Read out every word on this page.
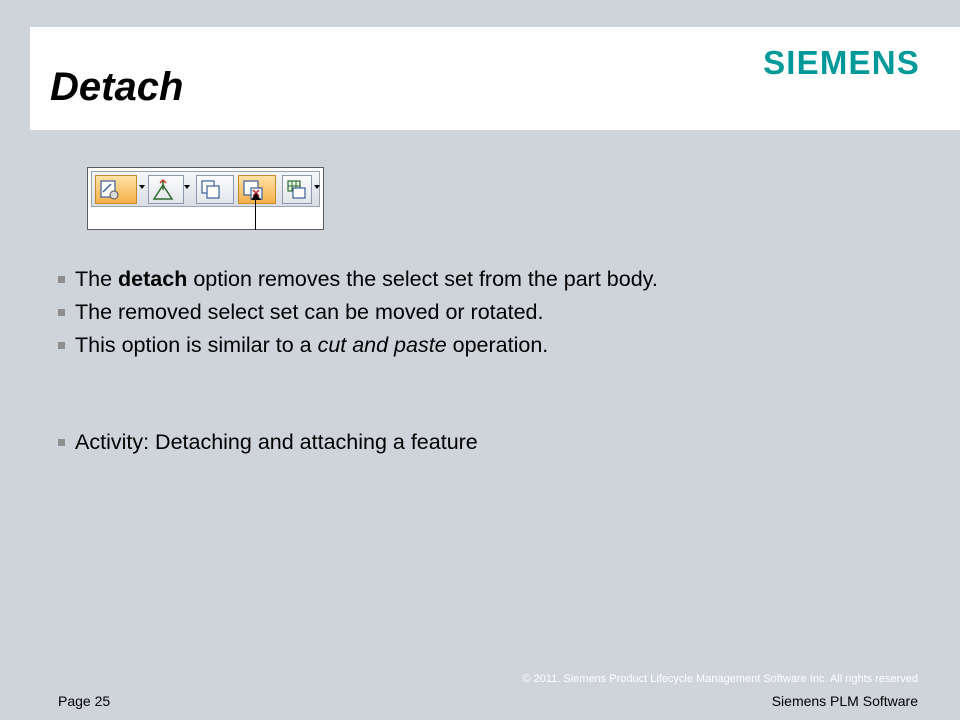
Detach
SIEMENS
The detach option removes the select set from the part body.
The removed select set can be moved or rotated.
This option is similar to a cut and paste operation.
Activity: Detaching and attaching a feature
© 2011. Siemens Product Lifecycle Management Software Inc. All rights reserved
Page 25	Siemens PLM Software
